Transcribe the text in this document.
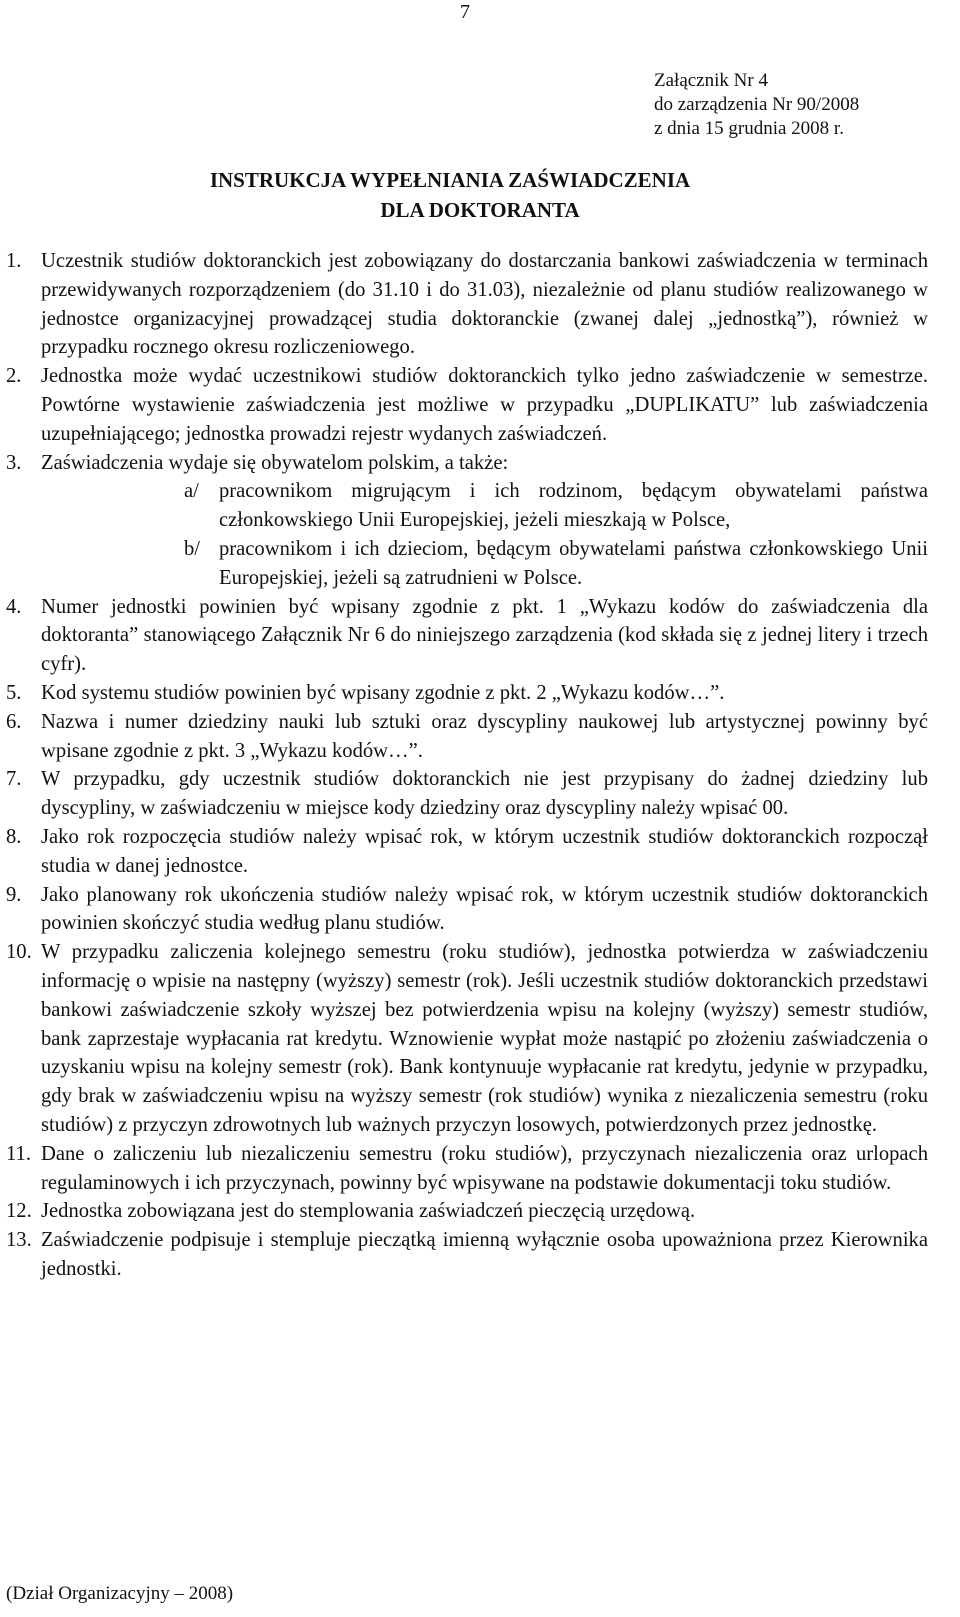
7
Załącznik Nr 4
do zarządzenia Nr 90/2008
z dnia 15 grudnia 2008 r.
INSTRUKCJA WYPEŁNIANIA ZAŚWIADCZENIA
DLA DOKTORANTA
1. Uczestnik studiów doktoranckich jest zobowiązany do dostarczania bankowi zaświadczenia w terminach przewidywanych rozporządzeniem (do 31.10 i do 31.03), niezależnie od planu studiów realizowanego w jednostce organizacyjnej prowadzącej studia doktoranckie (zwanej dalej „jednostką”), również w przypadku rocznego okresu rozliczeniowego.
2. Jednostka może wydać uczestnikowi studiów doktoranckich tylko jedno zaświadczenie w semestrze. Powtórne wystawienie zaświadczenia jest możliwe w przypadku „DUPLIKATU” lub zaświadczenia uzupełniającego; jednostka prowadzi rejestr wydanych zaświadczeń.
3. Zaświadczenia wydaje się obywatelom polskim, a także:
a/ pracownikom migrującym i ich rodzinom, będącym obywatelami państwa członkowskiego Unii Europejskiej, jeżeli mieszkają w Polsce,
b/ pracownikom i ich dzieciom, będącym obywatelami państwa członkowskiego Unii Europejskiej, jeżeli są zatrudnieni w Polsce.
4. Numer jednostki powinien być wpisany zgodnie z pkt. 1 „Wykazu kodów do zaświadczenia dla doktoranta” stanowiącego Załącznik Nr 6 do niniejszego zarządzenia (kod składa się z jednej litery i trzech cyfr).
5. Kod systemu studiów powinien być wpisany zgodnie z pkt. 2 „Wykazu kodów…”.
6. Nazwa i numer dziedziny nauki lub sztuki oraz dyscypliny naukowej lub artystycznej powinny być wpisane zgodnie z pkt. 3 „Wykazu kodów…”.
7. W przypadku, gdy uczestnik studiów doktoranckich nie jest przypisany do żadnej dziedziny lub dyscypliny, w zaświadczeniu w miejsce kody dziedziny oraz dyscypliny należy wpisać 00.
8. Jako rok rozpoczęcia studiów należy wpisać rok, w którym uczestnik studiów doktoranckich rozpoczął studia w danej jednostce.
9. Jako planowany rok ukończenia studiów należy wpisać rok, w którym uczestnik studiów doktoranckich powinien skończyć studia według planu studiów.
10. W przypadku zaliczenia kolejnego semestru (roku studiów), jednostka potwierdza w zaświadczeniu informację o wpisie na następny (wyższy) semestr (rok). Jeśli uczestnik studiów doktoranckich przedstawi bankowi zaświadczenie szkoły wyższej bez potwierdzenia wpisu na kolejny (wyższy) semestr studiów, bank zaprzestaje wypłacania rat kredytu. Wznowienie wypłat może nastąpić po złożeniu zaświadczenia o uzyskaniu wpisu na kolejny semestr (rok). Bank kontynuuje wypłacanie rat kredytu, jedynie w przypadku, gdy brak w zaświadczeniu wpisu na wyższy semestr (rok studiów) wynika z niezaliczenia semestru (roku studiów) z przyczyn zdrowotnych lub ważnych przyczyn losowych, potwierdzonych przez jednostkę.
11. Dane o zaliczeniu lub niezaliczeniu semestru (roku studiów), przyczynach niezaliczenia oraz urlopach regulaminowych i ich przyczynach, powinny być wpisywane na podstawie dokumentacji toku studiów.
12. Jednostka zobowiązana jest do stemplowania zaświadczeń pieczęcią urzędową.
13. Zaświadczenie podpisuje i stempluje pieczątką imienną wyłącznie osoba upoważniona przez Kierownika jednostki.
(Dział Organizacyjny – 2008)
